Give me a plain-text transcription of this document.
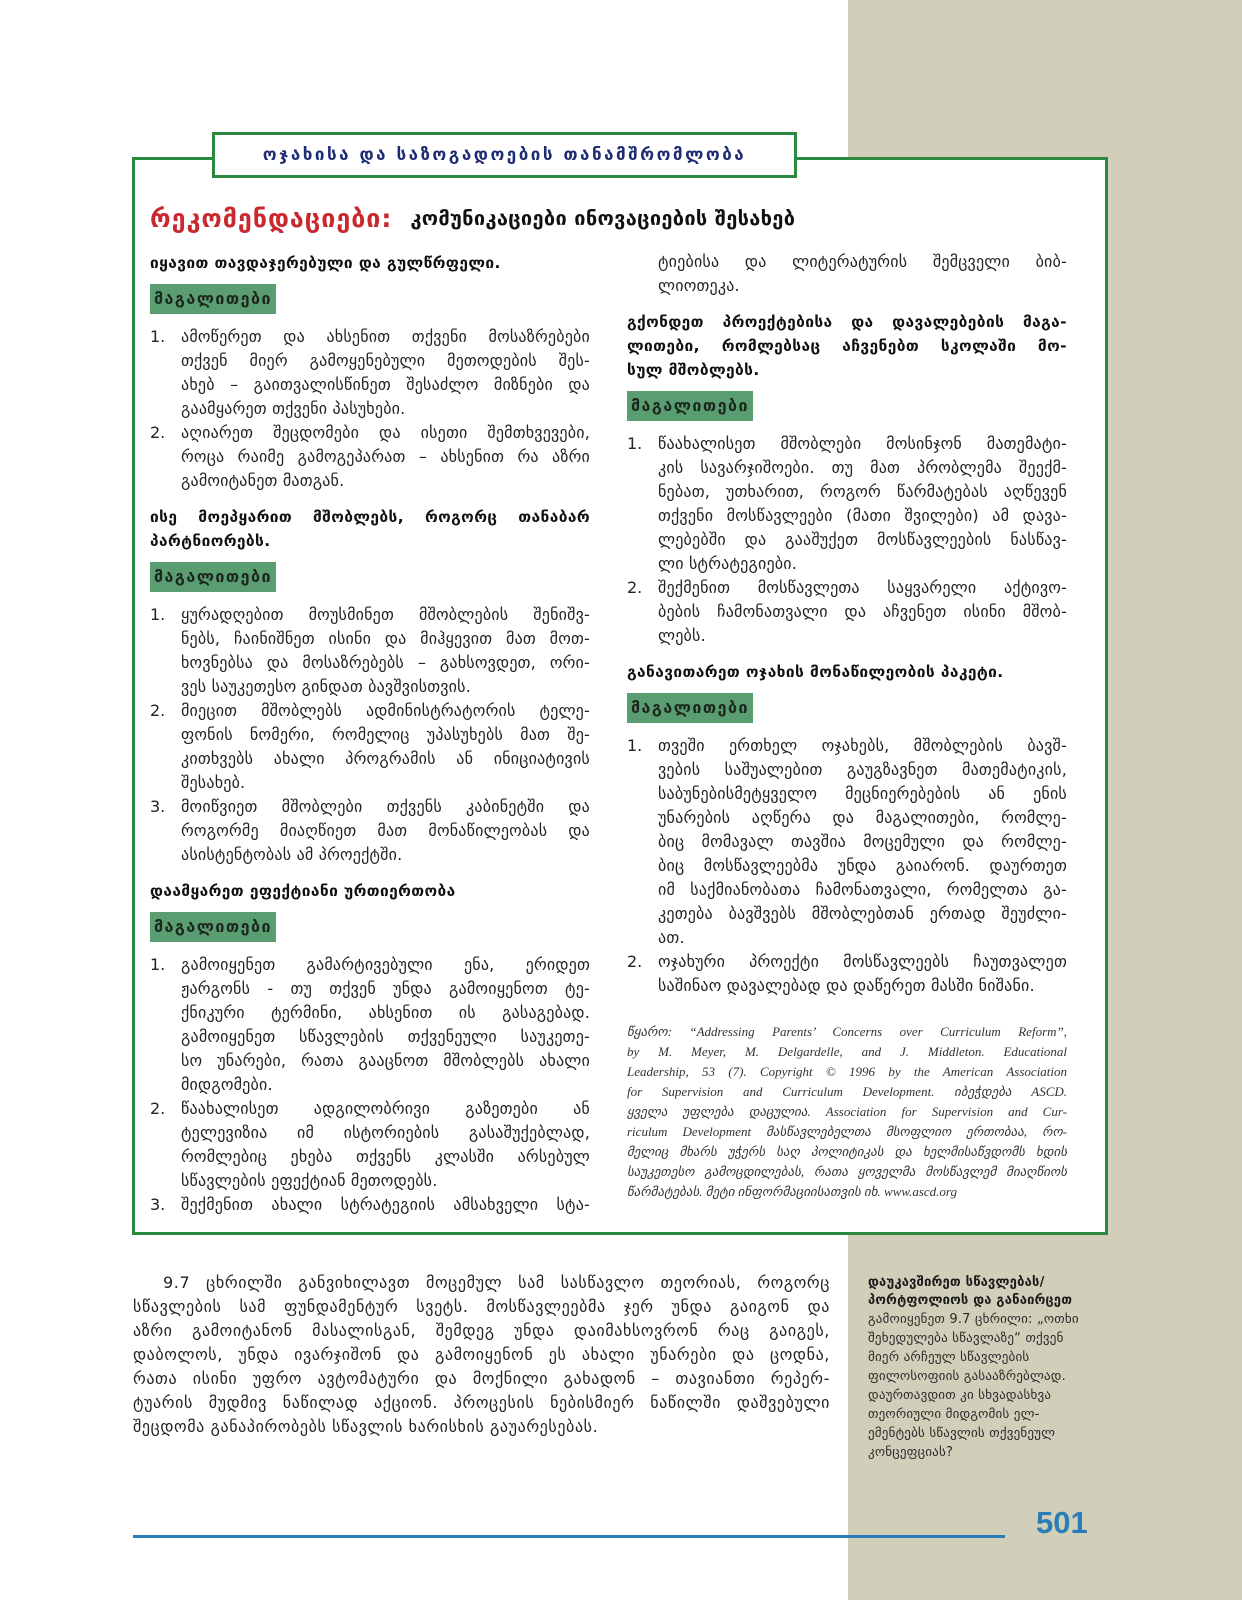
ოჯახისა და საზოგადოების თანამშრომლობა
რეკომენდაციები: კომუნიკაციები ინოვაციების შესახებ
იყავით თავდაჯერებული და გულწრფელი.
მაგალითები
1. ამოწერეთ და ახსენით თქვენი მოსაზრებები
თქვენ მიერ გამოყენებული მეთოდების შეს-
ახებ – გაითვალისწინეთ შესაძლო მიზნები და
გაამყარეთ თქვენი პასუხები.
2. აღიარეთ შეცდომები და ისეთი შემთხვევები,
როცა რაიმე გამოგეპარათ – ახსენით რა აზრი
გამოიტანეთ მათგან.
ისე მოეპყარით მშობლებს, როგორც თანაბარ
პარტნიორებს.
მაგალითები
1. ყურადღებით მოუსმინეთ მშობლების შენიშვ-
ნებს, ჩაინიშნეთ ისინი და მიჰყევით მათ მოთ-
ხოვნებსა და მოსაზრებებს – გახსოვდეთ, ორი-
ვეს საუკეთესო გინდათ ბავშვისთვის.
2. მიეცით მშობლებს ადმინისტრატორის ტელე-
ფონის ნომერი, რომელიც უპასუხებს მათ შე-
კითხვებს ახალი პროგრამის ან ინიციატივის
შესახებ.
3. მოიწვიეთ მშობლები თქვენს კაბინეტში და
როგორმე მიაღწიეთ მათ მონაწილეობას და
ასისტენტობას ამ პროექტში.
დაამყარეთ ეფექტიანი ურთიერთობა
მაგალითები
1. გამოიყენეთ გამარტივებული ენა, ერიდეთ
ჟარგონს - თუ თქვენ უნდა გამოიყენოთ ტე-
ქნიკური ტერმინი, ახსენით ის გასაგებად.
გამოიყენეთ სწავლების თქვენეული საუკეთე-
სო უნარები, რათა გააცნოთ მშობლებს ახალი
მიდგომები.
2. წაახალისეთ ადგილობრივი გაზეთები ან
ტელევიზია იმ ისტორიების გასაშუქებლად,
რომლებიც ეხება თქვენს კლასში არსებულ
სწავლების ეფექტიან მეთოდებს.
3. შექმენით ახალი სტრატეგიის ამსახველი სტა-
ტიებისა და ლიტერატურის შემცველი ბიბ-
ლიოთეკა.
გქონდეთ პროექტებისა და დავალებების მაგა-
ლითები, რომლებსაც აჩვენებთ სკოლაში მო-
სულ მშობლებს.
მაგალითები
1. წაახალისეთ მშობლები მოსინჯონ მათემატი-
კის სავარჯიშოები. თუ მათ პრობლემა შეექმ-
ნებათ, უთხარით, როგორ წარმატებას აღწევენ
თქვენი მოსწავლეები (მათი შვილები) ამ დავა-
ლებებში და გააშუქეთ მოსწავლეების ნასწავ-
ლი სტრატეგიები.
2. შექმენით მოსწავლეთა საყვარელი აქტივო-
ბების ჩამონათვალი და აჩვენეთ ისინი მშობ-
ლებს.
განავითარეთ ოჯახის მონაწილეობის პაკეტი.
მაგალითები
1. თვეში ერთხელ ოჯახებს, მშობლების ბავშ-
ვების საშუალებით გაუგზავნეთ მათემატიკის,
საბუნებისმეტყველო მეცნიერებების ან ენის
უნარების აღწერა და მაგალითები, რომლე-
ბიც მომავალ თავშია მოცემული და რომლე-
ბიც მოსწავლეებმა უნდა გაიარონ. დაურთეთ
იმ საქმიანობათა ჩამონათვალი, რომელთა გა-
კეთება ბავშვებს მშობლებთან ერთად შეუძლი-
ათ.
2. ოჯახური პროექტი მოსწავლეებს ჩაუთვალეთ
საშინაო დავალებად და დაწერეთ მასში ნიშანი.
წყარო: “Addressing Parents’ Concerns over Curriculum Reform”,
by M. Meyer, M. Delgardelle, and J. Middleton. Educational
Leadership, 53 (7). Copyright © 1996 by the American Association
for Supervision and Curriculum Development. იბეჭდება ASCD.
ყველა უფლება დაცულია. Association for Supervision and Cur-
riculum Development მასწავლებელთა მსოფლიო ერთობაა, რო-
მელიც მხარს უჭერს საღ პოლიტიკას და ხელმისაწვდომს ხდის
საუკეთესო გამოცდილებას, რათა ყოველმა მოსწავლემ მიაღწიოს
წარმატებას. მეტი ინფორმაციისათვის იხ. www.ascd.org
9.7 ცხრილში განვიხილავთ მოცემულ სამ სასწავლო თეორიას, როგორც
სწავლების სამ ფუნდამენტურ სვეტს. მოსწავლეებმა ჯერ უნდა გაიგონ და
აზრი გამოიტანონ მასალისგან, შემდეგ უნდა დაიმახსოვრონ რაც გაიგეს,
დაბოლოს, უნდა ივარჯიშონ და გამოიყენონ ეს ახალი უნარები და ცოდნა,
რათა ისინი უფრო ავტომატური და მოქნილი გახადონ – თავიანთი რეპერ-
ტუარის მუდმივ ნაწილად აქციონ. პროცესის ნებისმიერ ნაწილში დაშვებული
შეცდომა განაპირობებს სწავლის ხარისხის გაუარესებას.
დაუკავშირეთ სწავლებას/
პორტფოლიოს და განაირცეთ
გამოიყენეთ 9.7 ცხრილი: „ოთხი
შეხედულება სწავლაზე“ თქვენ
მიერ არჩეულ სწავლების
ფილოსოფიის გასააზრებლად.
დაურთავდით კი სხვადასხვა
თეორიული მიდგომის ელ-
ემენტებს სწავლის თქვენეულ
კონცეფციას?
501
